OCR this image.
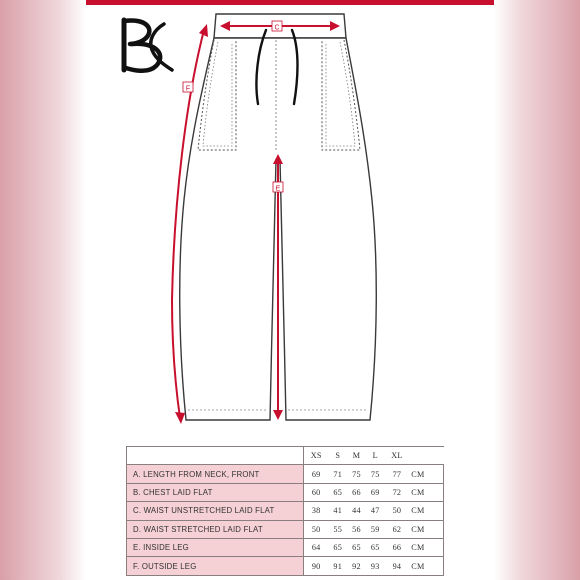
C
F
E
	XS	S	M	L	XL	
A. LENGTH FROM NECK, FRONT	69	71	75	75	77	CM
B. CHEST LAID FLAT	60	65	66	69	72	CM
C. WAIST UNSTRETCHED LAID FLAT	38	41	44	47	50	CM
D. WAIST STRETCHED LAID FLAT	50	55	56	59	62	CM
E. INSIDE LEG	64	65	65	65	66	CM
F. OUTSIDE LEG	90	91	92	93	94	CM
